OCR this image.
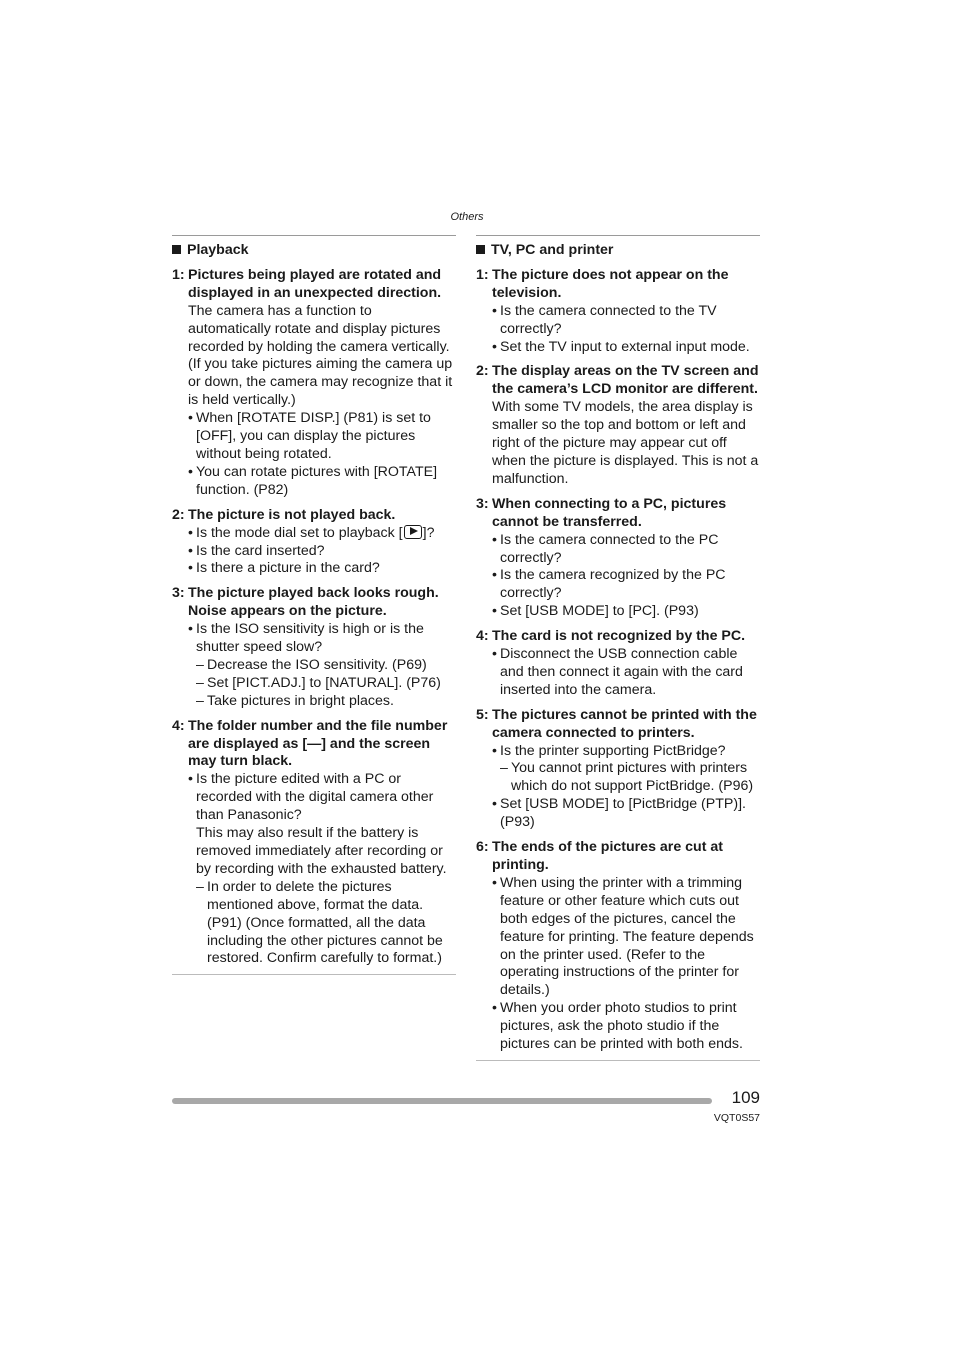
Others
Playback
1: Pictures being played are rotated and displayed in an unexpected direction.
The camera has a function to automatically rotate and display pictures recorded by holding the camera vertically.
(If you take pictures aiming the camera up or down, the camera may recognize that it is held vertically.)
• When [ROTATE DISP.] (P81) is set to [OFF], you can display the pictures without being rotated.
• You can rotate pictures with [ROTATE] function. (P82)
2: The picture is not played back.
• Is the mode dial set to playback [ ]?
• Is the card inserted?
• Is there a picture in the card?
3: The picture played back looks rough. Noise appears on the picture.
• Is the ISO sensitivity is high or is the shutter speed slow?
– Decrease the ISO sensitivity. (P69)
– Set [PICT.ADJ.] to [NATURAL]. (P76)
– Take pictures in bright places.
4: The folder number and the file number are displayed as [—] and the screen may turn black.
• Is the picture edited with a PC or recorded with the digital camera other than Panasonic?
This may also result if the battery is removed immediately after recording or by recording with the exhausted battery.
– In order to delete the pictures mentioned above, format the data. (P91) (Once formatted, all the data including the other pictures cannot be restored. Confirm carefully to format.)
TV, PC and printer
1: The picture does not appear on the television.
• Is the camera connected to the TV correctly?
• Set the TV input to external input mode.
2: The display areas on the TV screen and the camera’s LCD monitor are different.
With some TV models, the area display is smaller so the top and bottom or left and right of the picture may appear cut off when the picture is displayed. This is not a malfunction.
3: When connecting to a PC, pictures cannot be transferred.
• Is the camera connected to the PC correctly?
• Is the camera recognized by the PC correctly?
• Set [USB MODE] to [PC]. (P93)
4: The card is not recognized by the PC.
• Disconnect the USB connection cable and then connect it again with the card inserted into the camera.
5: The pictures cannot be printed with the camera connected to printers.
• Is the printer supporting PictBridge?
– You cannot print pictures with printers which do not support PictBridge. (P96)
• Set [USB MODE] to [PictBridge (PTP)]. (P93)
6: The ends of the pictures are cut at printing.
• When using the printer with a trimming feature or other feature which cuts out both edges of the pictures, cancel the feature for printing. The feature depends on the printer used. (Refer to the operating instructions of the printer for details.)
• When you order photo studios to print pictures, ask the photo studio if the pictures can be printed with both ends.
109
VQT0S57
